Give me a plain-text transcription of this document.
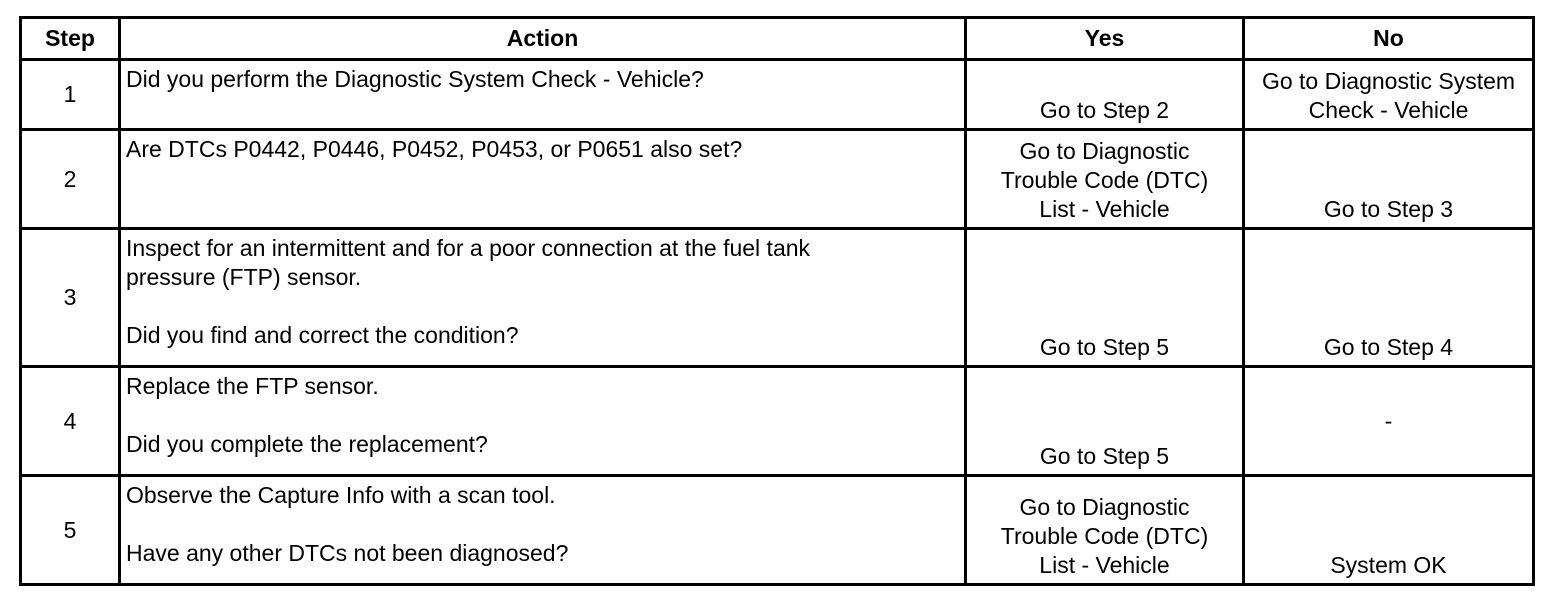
Step	Action	Yes	No
1	Did you perform the Diagnostic System Check - Vehicle?	Go to Step 2	Go to Diagnostic System
Check - Vehicle

2	Are DTCs P0442, P0446, P0452, P0453, or P0651 also set?	Go to Diagnostic
Trouble Code (DTC)
List - Vehicle	Go to Step 3

3	Inspect for an intermittent and for a poor connection at the fuel tank
pressure (FTP) sensor.
Did you find and correct the condition?	Go to Step 5	Go to Step 4

4	Replace the FTP sensor.
Did you complete the replacement?	Go to Step 5	-

5	Observe the Capture Info with a scan tool.
Have any other DTCs not been diagnosed?	Go to Diagnostic
Trouble Code (DTC)
List - Vehicle	System OK
